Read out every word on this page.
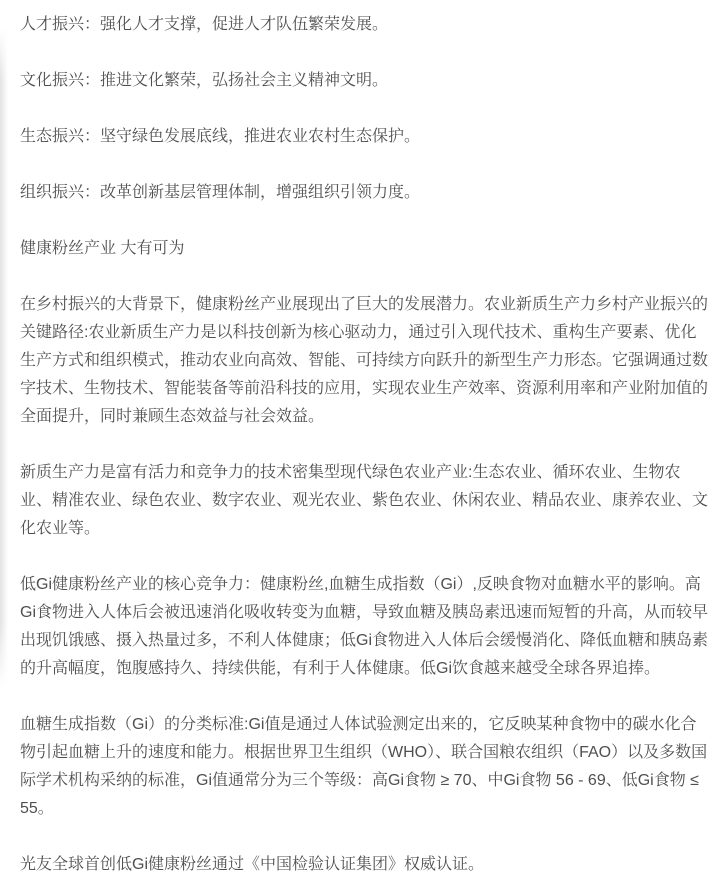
人才振兴：强化人才支撑，促进人才队伍繁荣发展。

文化振兴：推进文化繁荣，弘扬社会主义精神文明。

生态振兴：坚守绿色发展底线，推进农业农村生态保护。

组织振兴：改革创新基层管理体制，增强组织引领力度。

健康粉丝产业 大有可为

在乡村振兴的大背景下，健康粉丝产业展现出了巨大的发展潜力。农业新质生产力乡村产业振兴的关键路径:农业新质生产力是以科技创新为核心驱动力，通过引入现代技术、重构生产要素、优化生产方式和组织模式，推动农业向高效、智能、可持续方向跃升的新型生产力形态。它强调通过数字技术、生物技术、智能装备等前沿科技的应用，实现农业生产效率、资源利用率和产业附加值的全面提升，同时兼顾生态效益与社会效益。

新质生产力是富有活力和竞争力的技术密集型现代绿色农业产业:生态农业、循环农业、生物农业、精准农业、绿色农业、数字农业、观光农业、紫色农业、休闲农业、精品农业、康养农业、文化农业等。

低Gi健康粉丝产业的核心竞争力：健康粉丝,血糖生成指数（Gi）,反映食物对血糖水平的影响。高Gi食物进入人体后会被迅速消化吸收转变为血糖，导致血糖及胰岛素迅速而短暂的升高，从而较早出现饥饿感、摄入热量过多，不利人体健康；低Gi食物进入人体后会缓慢消化、降低血糖和胰岛素的升高幅度，饱腹感持久、持续供能，有利于人体健康。低Gi饮食越来越受全球各界追捧。

血糖生成指数（Gi）的分类标准:Gi值是通过人体试验测定出来的，它反映某种食物中的碳水化合物引起血糖上升的速度和能力。根据世界卫生组织（WHO）、联合国粮农组织（FAO）以及多数国际学术机构采纳的标准，Gi值通常分为三个等级：高Gi食物 ≥ 70、中Gi食物 56 - 69、低Gi食物 ≤ 55。

光友全球首创低Gi健康粉丝通过《中国检验认证集团》权威认证。
